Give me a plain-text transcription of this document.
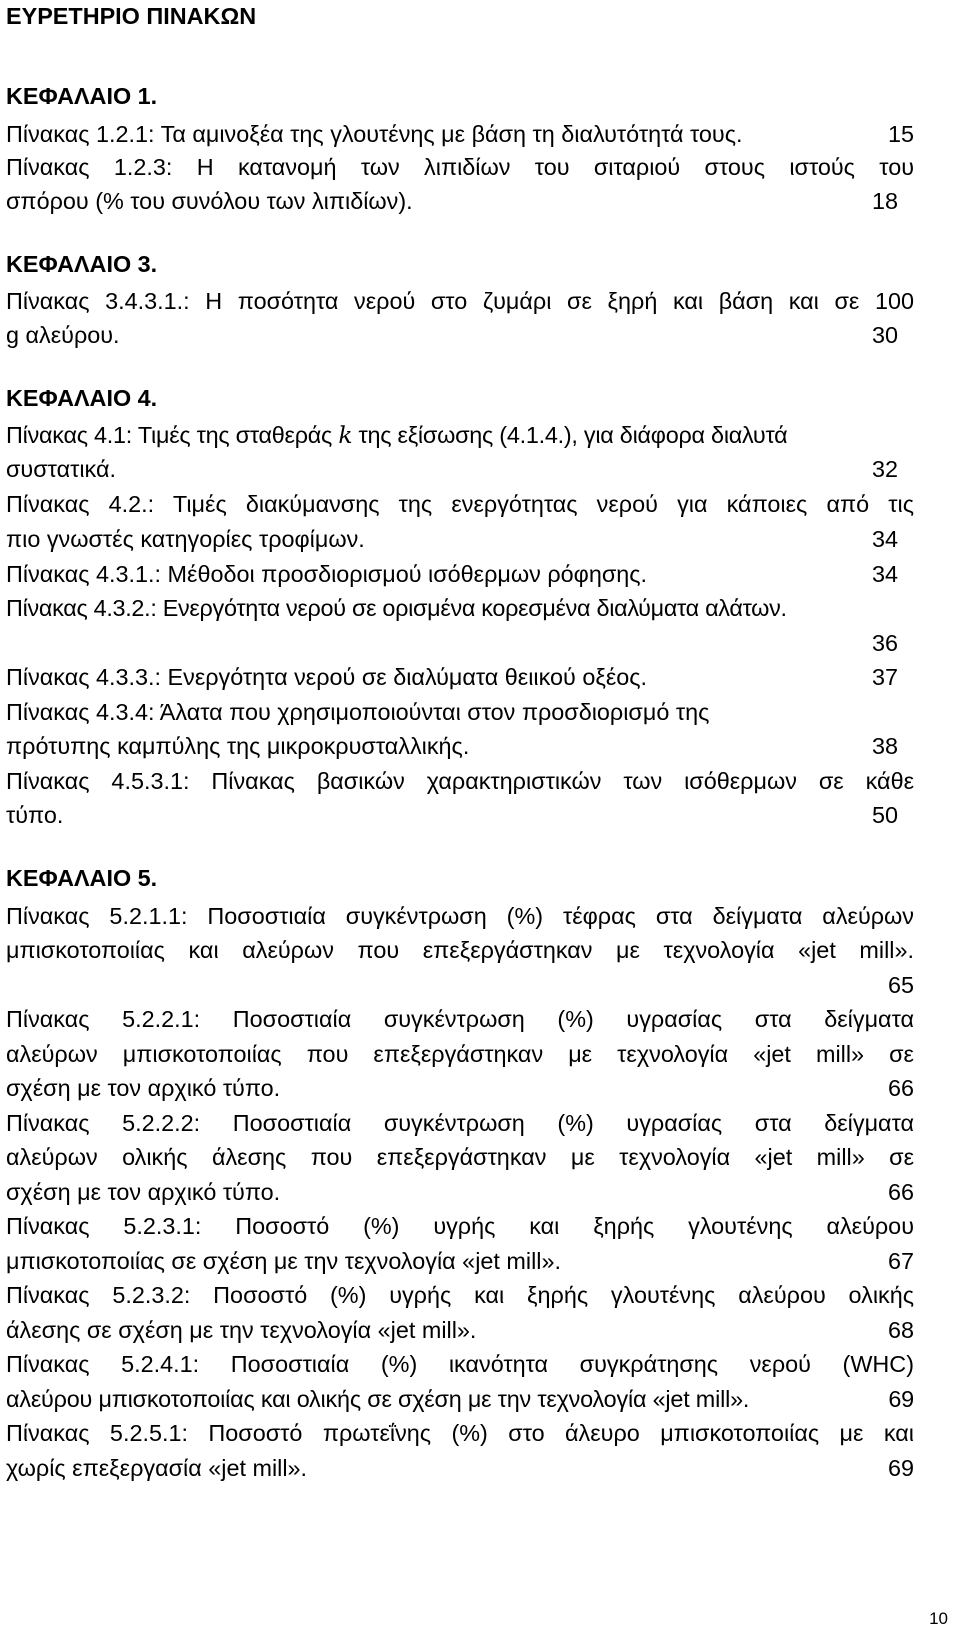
ΕΥΡΕΤΗΡΙΟ ΠΙΝΑΚΩΝ
ΚΕΦΑΛΑΙΟ 1.
Πίνακας 1.2.1: Τα αμινοξέα της γλουτένης με βάση τη διαλυτότητά τους.	15
Πίνακας 1.2.3: Η κατανομή των λιπιδίων του σιταριού στους ιστούς του
σπόρου (% του συνόλου των λιπιδίων).	18
ΚΕΦΑΛΑΙΟ 3.
Πίνακας 3.4.3.1.: Η ποσότητα νερού στο ζυμάρι σε ξηρή και βάση και σε 100
g αλεύρου.	30
ΚΕΦΑΛΑΙΟ 4.
Πίνακας 4.1: Τιμές της σταθεράς k της εξίσωσης (4.1.4.), για διάφορα διαλυτά
συστατικά.	32
Πίνακας 4.2.: Τιμές διακύμανσης της ενεργότητας νερού για κάποιες από τις
πιο γνωστές κατηγορίες τροφίμων.	34
Πίνακας 4.3.1.: Μέθοδοι προσδιορισμού ισόθερμων ρόφησης.	34
Πίνακας 4.3.2.: Ενεργότητα νερού σε ορισμένα κορεσμένα διαλύματα αλάτων.
36
Πίνακας 4.3.3.: Ενεργότητα νερού σε διαλύματα θειικού οξέος.	37
Πίνακας 4.3.4: Άλατα που χρησιμοποιούνται στον προσδιορισμό της
πρότυπης καμπύλης της μικροκρυσταλλικής.	38
Πίνακας 4.5.3.1: Πίνακας βασικών χαρακτηριστικών των ισόθερμων σε κάθε
τύπο.	50
ΚΕΦΑΛΑΙΟ 5.
Πίνακας 5.2.1.1: Ποσοστιαία συγκέντρωση (%) τέφρας στα δείγματα αλεύρων
μπισκοτοποιίας και αλεύρων που επεξεργάστηκαν με τεχνολογία «jet mill».
65
Πίνακας 5.2.2.1: Ποσοστιαία συγκέντρωση (%) υγρασίας στα δείγματα
αλεύρων μπισκοτοποιίας που επεξεργάστηκαν με τεχνολογία «jet mill» σε
σχέση με τον αρχικό τύπο.	66
Πίνακας 5.2.2.2: Ποσοστιαία συγκέντρωση (%) υγρασίας στα δείγματα
αλεύρων ολικής άλεσης που επεξεργάστηκαν με τεχνολογία «jet mill» σε
σχέση με τον αρχικό τύπο.	66
Πίνακας 5.2.3.1: Ποσοστό (%) υγρής και ξηρής γλουτένης αλεύρου
μπισκοτοποιίας σε σχέση με την τεχνολογία «jet mill».	67
Πίνακας 5.2.3.2: Ποσοστό (%) υγρής και ξηρής γλουτένης αλεύρου ολικής
άλεσης σε σχέση με την τεχνολογία «jet mill».	68
Πίνακας 5.2.4.1: Ποσοστιαία (%) ικανότητα συγκράτησης νερού (WHC)
αλεύρου μπισκοτοποιίας και ολικής σε σχέση με την τεχνολογία «jet mill».	69
Πίνακας 5.2.5.1: Ποσοστό πρωτεΐνης (%) στο άλευρο μπισκοτοποιίας με και
χωρίς επεξεργασία «jet mill».	69
10
